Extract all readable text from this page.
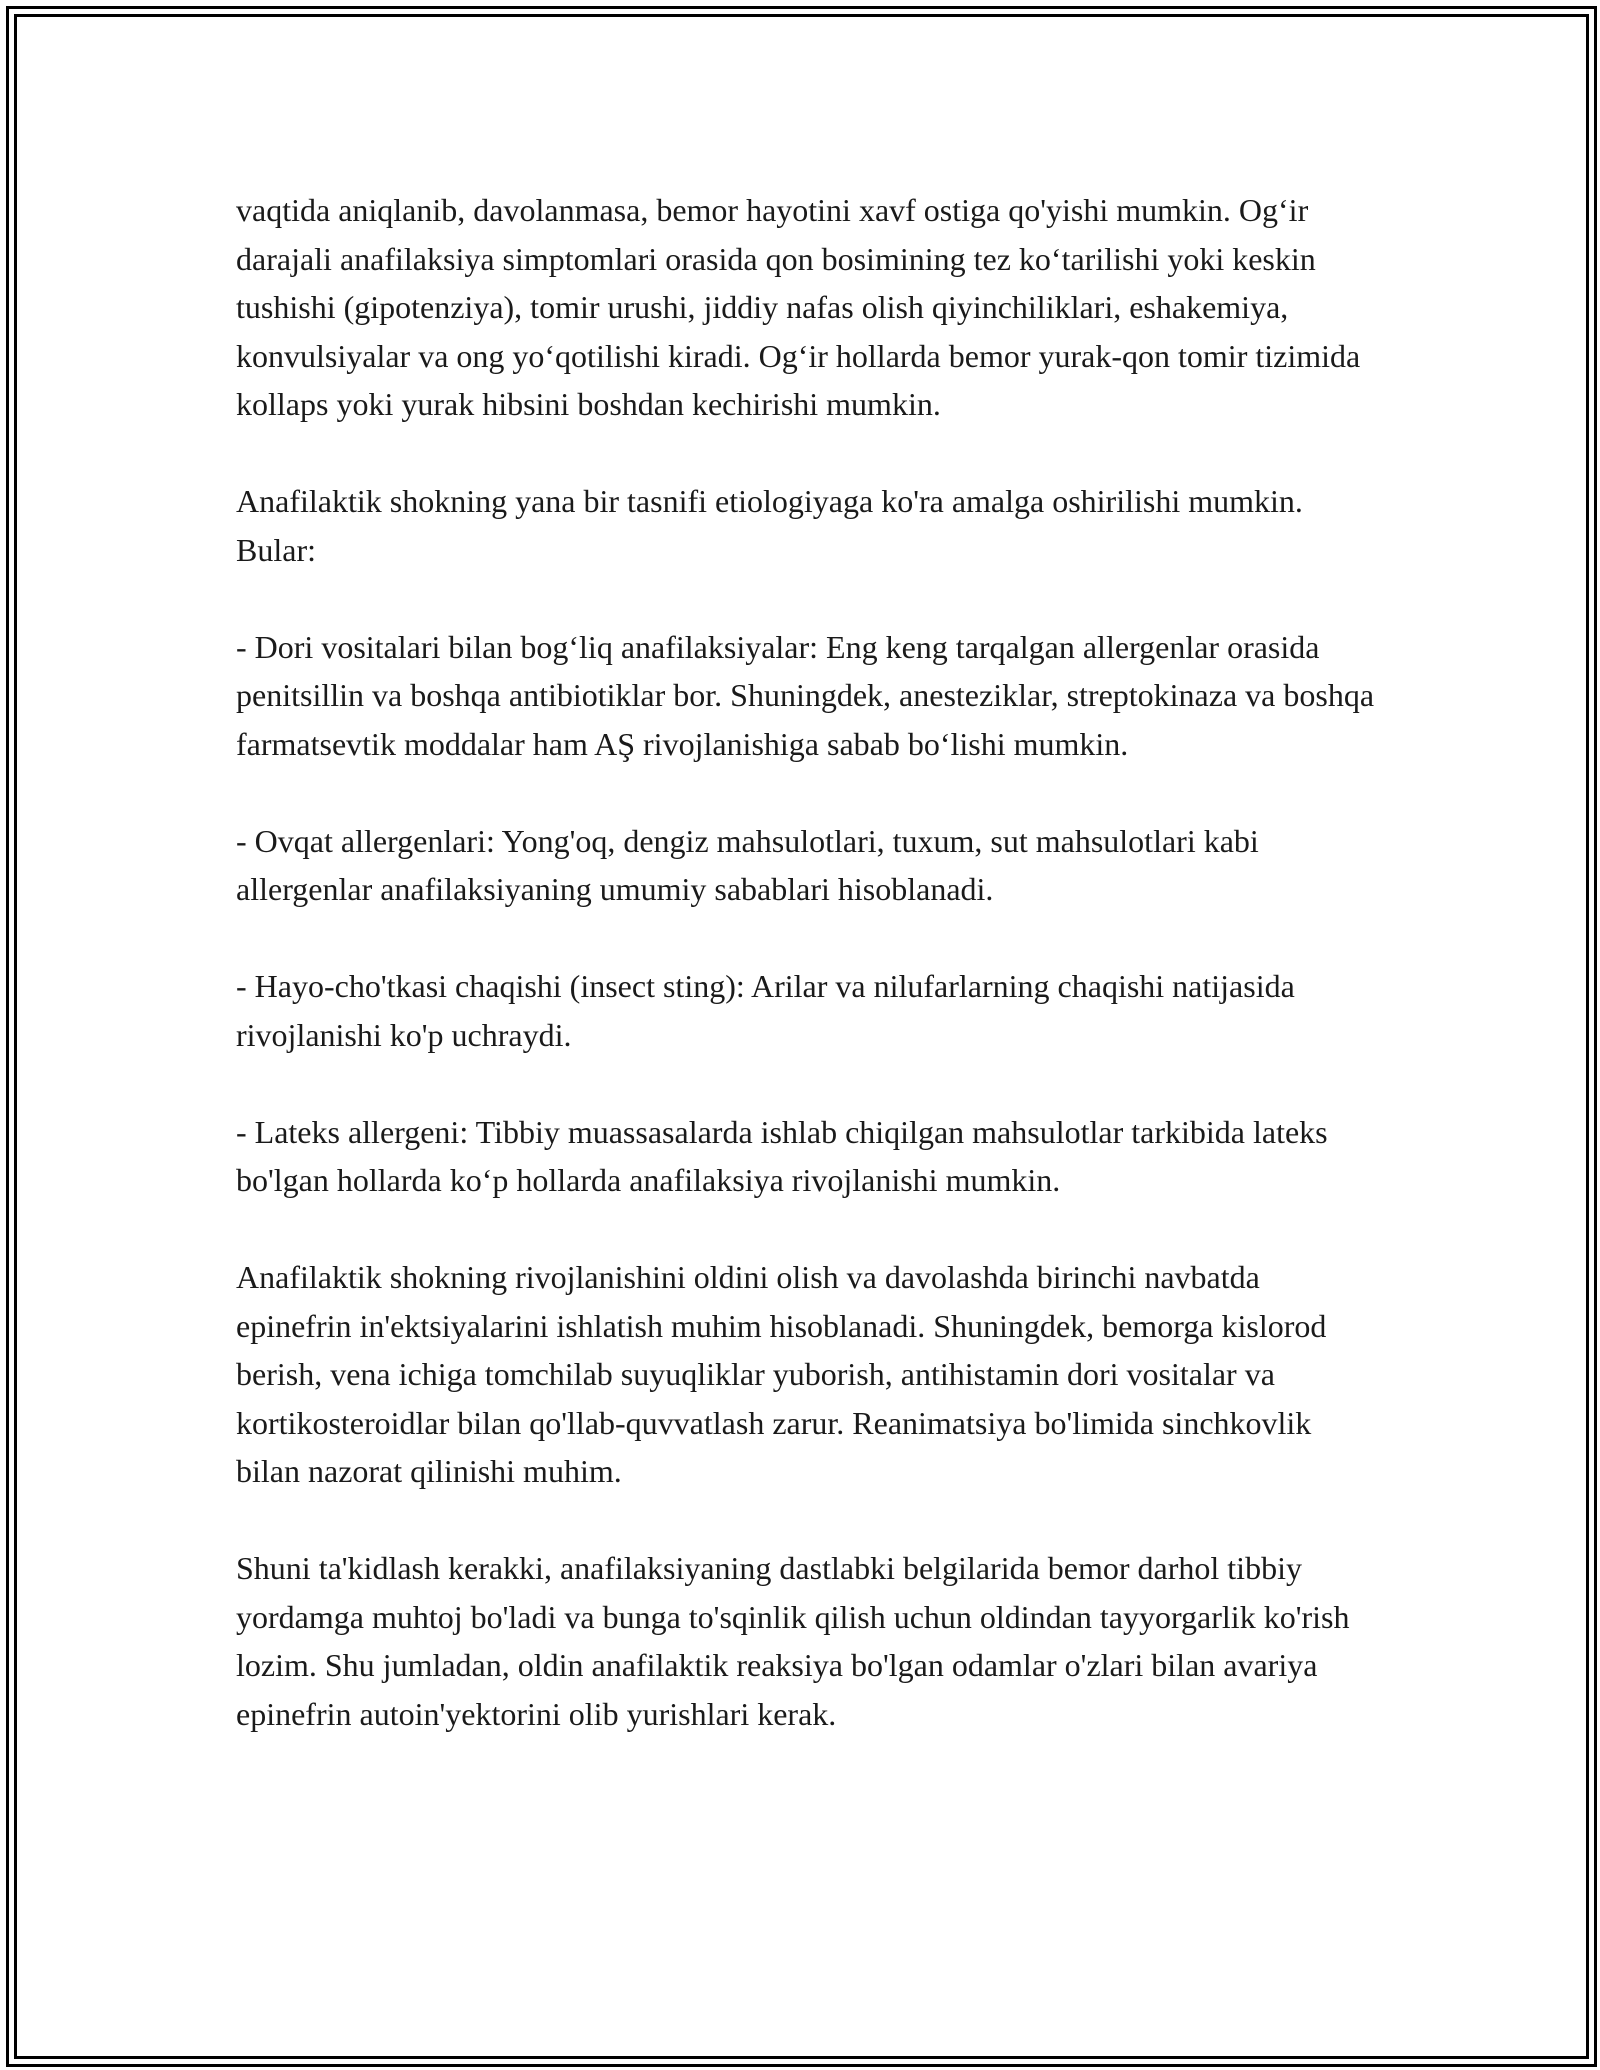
vaqtida aniqlanib, davolanmasa, bemor hayotini xavf ostiga qo'yishi mumkin. Og‘ir darajali anafilaksiya simptomlari orasida qon bosimining tez ko‘tarilishi yoki keskin tushishi (gipotenziya), tomir urushi, jiddiy nafas olish qiyinchiliklari, eshakemiya, konvulsiyalar va ong yo‘qotilishi kiradi. Og‘ir hollarda bemor yurak-qon tomir tizimida kollaps yoki yurak hibsini boshdan kechirishi mumkin.

Anafilaktik shokning yana bir tasnifi etiologiyaga ko'ra amalga oshirilishi mumkin. Bular:

- Dori vositalari bilan bog‘liq anafilaksiyalar: Eng keng tarqalgan allergenlar orasida penitsillin va boshqa antibiotiklar bor. Shuningdek, anesteziklar, streptokinaza va boshqa farmatsevtik moddalar ham AŞ rivojlanishiga sabab bo‘lishi mumkin.

- Ovqat allergenlari: Yong'oq, dengiz mahsulotlari, tuxum, sut mahsulotlari kabi allergenlar anafilaksiyaning umumiy sabablari hisoblanadi.

- Hayo-cho'tkasi chaqishi (insect sting): Arilar va nilufarlarning chaqishi natijasida rivojlanishi ko'p uchraydi.

- Lateks allergeni: Tibbiy muassasalarda ishlab chiqilgan mahsulotlar tarkibida lateks bo'lgan hollarda ko‘p hollarda anafilaksiya rivojlanishi mumkin.

Anafilaktik shokning rivojlanishini oldini olish va davolashda birinchi navbatda epinefrin in'ektsiyalarini ishlatish muhim hisoblanadi. Shuningdek, bemorga kislorod berish, vena ichiga tomchilab suyuqliklar yuborish, antihistamin dori vositalar va kortikosteroidlar bilan qo'llab-quvvatlash zarur. Reanimatsiya bo'limida sinchkovlik bilan nazorat qilinishi muhim.

Shuni ta'kidlash kerakki, anafilaksiyaning dastlabki belgilarida bemor darhol tibbiy yordamga muhtoj bo'ladi va bunga to'sqinlik qilish uchun oldindan tayyorgarlik ko'rish lozim. Shu jumladan, oldin anafilaktik reaksiya bo'lgan odamlar o'zlari bilan avariya epinefrin autoin'yektorini olib yurishlari kerak.
